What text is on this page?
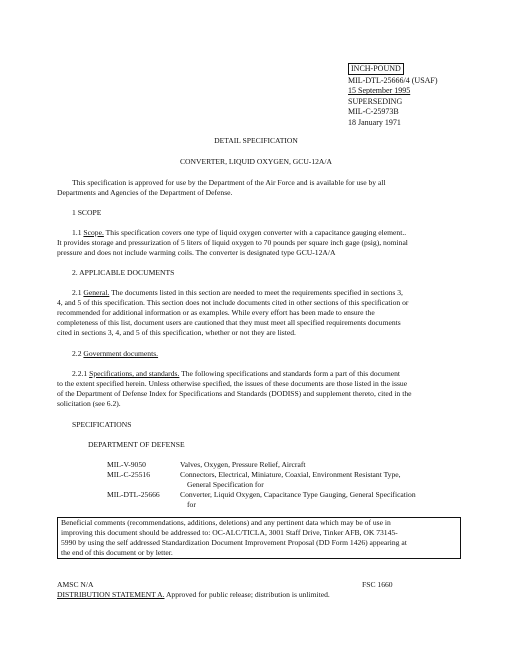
INCH-POUND
MIL-DTL-25666/4 (USAF)
15 September 1995
SUPERSEDING
MIL-C-25973B
18 January 1971
DETAIL SPECIFICATION
CONVERTER, LIQUID OXYGEN, GCU-12A/A
This specification is approved for use by the Department of the Air Force and is available for use by all
Departments and Agencies of the Department of Defense.
1 SCOPE
1.1 Scope. This specification covers one type of liquid oxygen converter with a capacitance gauging element..
It provides storage and pressurization of 5 liters of liquid oxygen to 70 pounds per square inch gage (psig), nominal
pressure and does not include warming coils. The converter is designated type GCU-12A/A
2. APPLICABLE DOCUMENTS
2.1 General. The documents listed in this section are needed to meet the requirements specified in sections 3,
4, and 5 of this specification. This section does not include documents cited in other sections of this specification or
recommended for additional information or as examples. While every effort has been made to ensure the
completeness of this list, document users are cautioned that they must meet all specified requirements documents
cited in sections 3, 4, and 5 of this specification, whether or not they are listed.
2.2 Government documents.
2.2.1 Specifications, and standards. The following specifications and standards form a part of this document
to the extent specified herein. Unless otherwise specified, the issues of these documents are those listed in the issue
of the Department of Defense Index for Specifications and Standards (DODISS) and supplement thereto, cited in the
solicitation (see 6.2).
SPECIFICATIONS
DEPARTMENT OF DEFENSE
MIL-V-9050	Valves, Oxygen, Pressure Relief, Aircraft
MIL-C-25516	Connectors, Electrical, Miniature, Coaxial, Environment Resistant Type,
General Specification for
MIL-DTL-25666	Converter, Liquid Oxygen, Capacitance Type Gauging, General Specification
for
Beneficial comments (recommendations, additions, deletions) and any pertinent data which may be of use in
improving this document should be addressed to: OC-ALC/TICLA, 3001 Staff Drive, Tinker AFB, OK 73145-
5990 by using the self addressed Standardization Document Improvement Proposal (DD Form 1426) appearing at
the end of this document or by letter.
AMSC N/A	FSC 1660
DISTRIBUTION STATEMENT A. Approved for public release; distribution is unlimited.
